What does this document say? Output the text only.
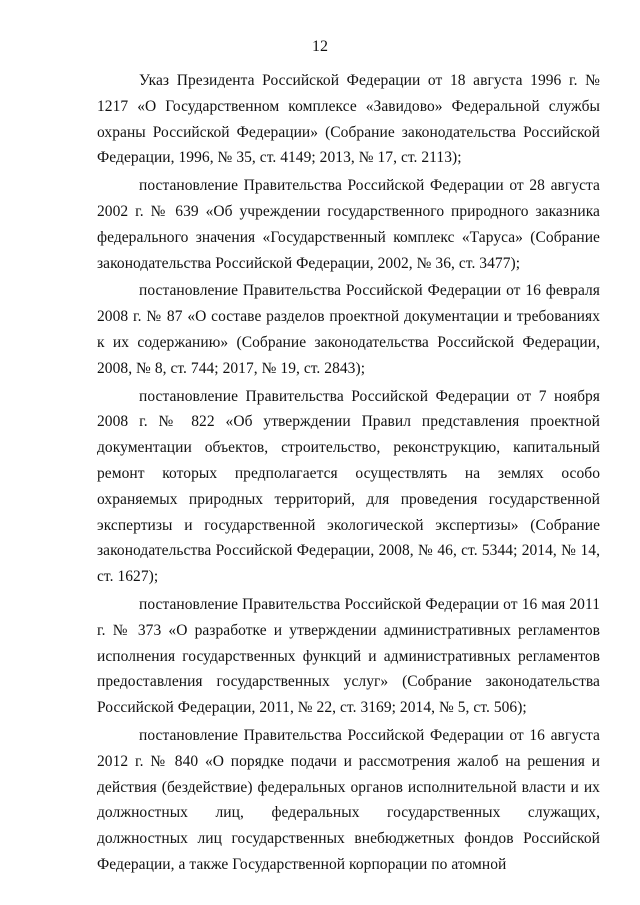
12

Указ Президента Российской Федерации от 18 августа 1996 г. № 1217 «О Государственном комплексе «Завидово» Федеральной службы охраны Российской Федерации» (Собрание законодательства Российской Федерации, 1996, № 35, ст. 4149; 2013, № 17, ст. 2113);

постановление Правительства Российской Федерации от 28 августа 2002 г. № 639 «Об учреждении государственного природного заказника федерального значения «Государственный комплекс «Таруса» (Собрание законодательства Российской Федерации, 2002, № 36, ст. 3477);

постановление Правительства Российской Федерации от 16 февраля 2008 г. № 87 «О составе разделов проектной документации и требованиях к их содержанию» (Собрание законодательства Российской Федерации, 2008, № 8, ст. 744; 2017, № 19, ст. 2843);

постановление Правительства Российской Федерации от 7 ноября 2008 г. № 822 «Об утверждении Правил представления проектной документации объектов, строительство, реконструкцию, капитальный ремонт которых предполагается осуществлять на землях особо охраняемых природных территорий, для проведения государственной экспертизы и государственной экологической экспертизы» (Собрание законодательства Российской Федерации, 2008, № 46, ст. 5344; 2014, № 14, ст. 1627);

постановление Правительства Российской Федерации от 16 мая 2011 г. № 373 «О разработке и утверждении административных регламентов исполнения государственных функций и административных регламентов предоставления государственных услуг» (Собрание законодательства Российской Федерации, 2011, № 22, ст. 3169; 2014, № 5, ст. 506);

постановление Правительства Российской Федерации от 16 августа 2012 г. № 840 «О порядке подачи и рассмотрения жалоб на решения и действия (бездействие) федеральных органов исполнительной власти и их должностных лиц, федеральных государственных служащих, должностных лиц государственных внебюджетных фондов Российской Федерации, а также Государственной корпорации по атомной
